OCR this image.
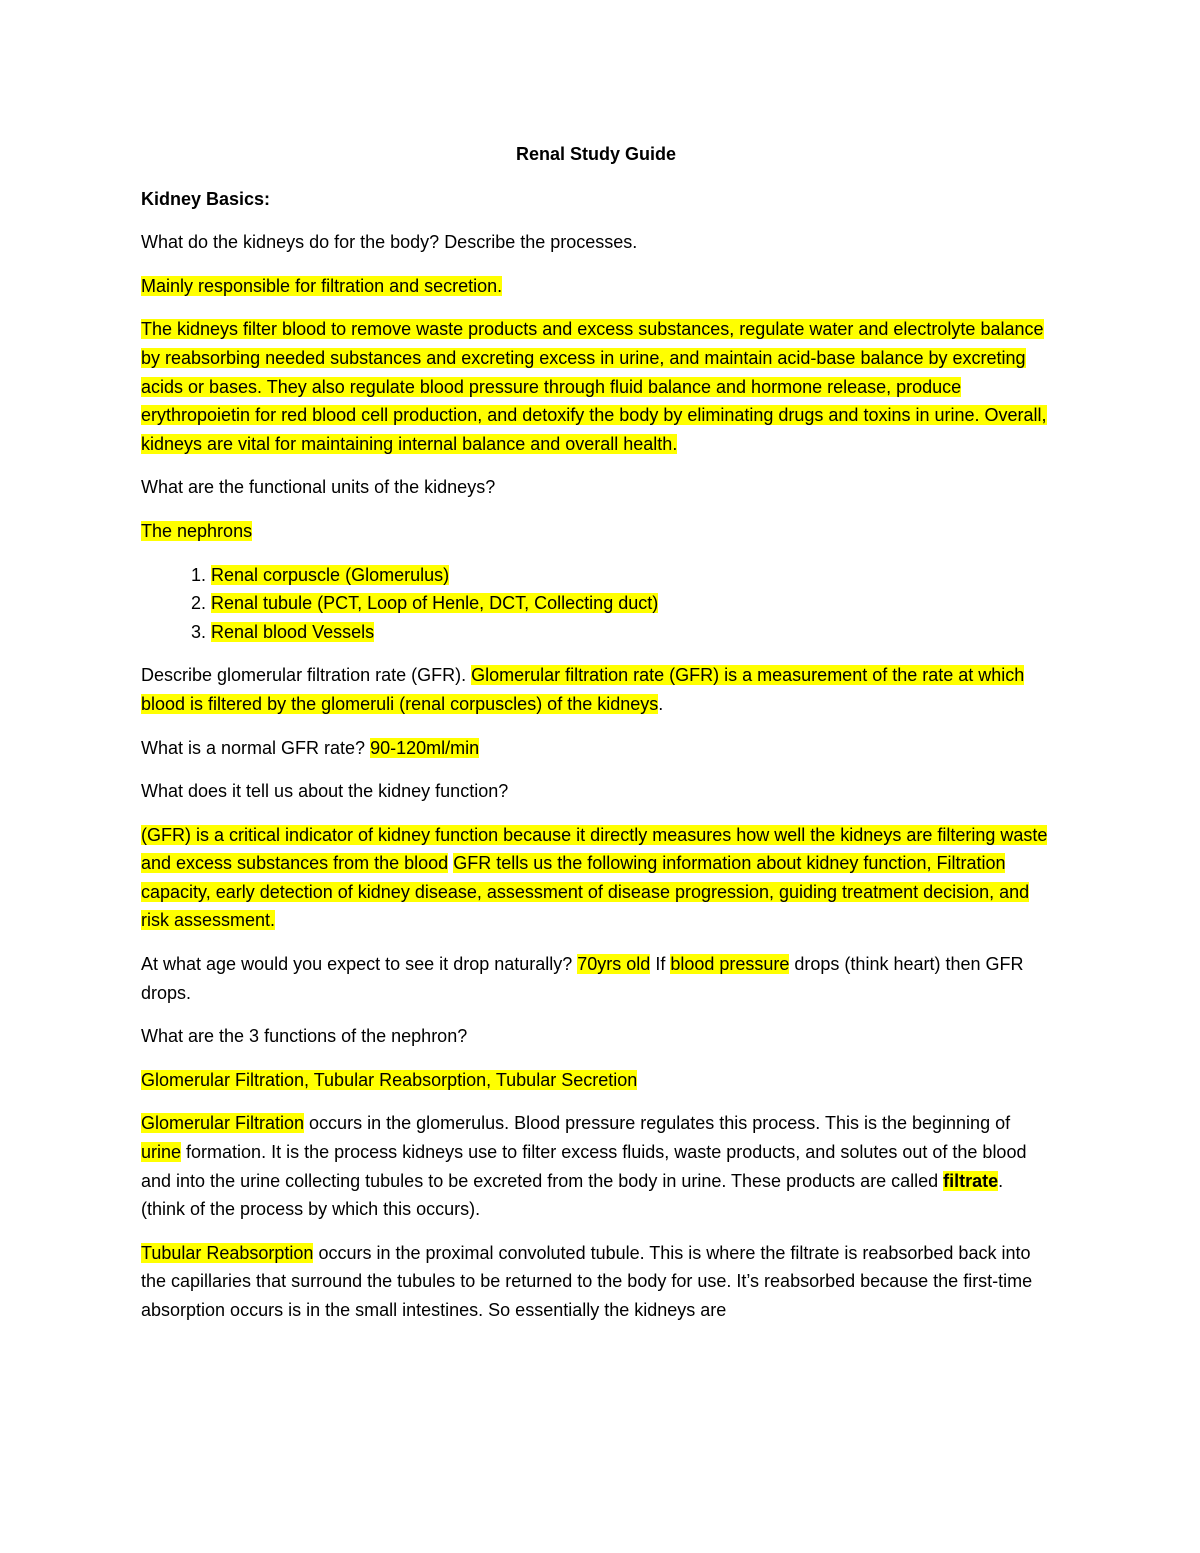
Renal Study Guide

Kidney Basics:

What do the kidneys do for the body? Describe the processes.

Mainly responsible for filtration and secretion.

The kidneys filter blood to remove waste products and excess substances, regulate water and electrolyte balance by reabsorbing needed substances and excreting excess in urine, and maintain acid-base balance by excreting acids or bases. They also regulate blood pressure through fluid balance and hormone release, produce erythropoietin for red blood cell production, and detoxify the body by eliminating drugs and toxins in urine. Overall, kidneys are vital for maintaining internal balance and overall health.

What are the functional units of the kidneys?

The nephrons

1. Renal corpuscle (Glomerulus)
2. Renal tubule (PCT, Loop of Henle, DCT, Collecting duct)
3. Renal blood Vessels

Describe glomerular filtration rate (GFR). Glomerular filtration rate (GFR) is a measurement of the rate at which blood is filtered by the glomeruli (renal corpuscles) of the kidneys.

What is a normal GFR rate? 90-120ml/min

What does it tell us about the kidney function?

(GFR) is a critical indicator of kidney function because it directly measures how well the kidneys are filtering waste and excess substances from the blood GFR tells us the following information about kidney function, Filtration capacity, early detection of kidney disease, assessment of disease progression, guiding treatment decision, and risk assessment.

At what age would you expect to see it drop naturally? 70yrs old If blood pressure drops (think heart) then GFR drops.

What are the 3 functions of the nephron?

Glomerular Filtration, Tubular Reabsorption, Tubular Secretion

Glomerular Filtration occurs in the glomerulus. Blood pressure regulates this process. This is the beginning of urine formation. It is the process kidneys use to filter excess fluids, waste products, and solutes out of the blood and into the urine collecting tubules to be excreted from the body in urine. These products are called filtrate. (think of the process by which this occurs).

Tubular Reabsorption occurs in the proximal convoluted tubule. This is where the filtrate is reabsorbed back into the capillaries that surround the tubules to be returned to the body for use. It’s reabsorbed because the first-time absorption occurs is in the small intestines. So essentially the kidneys are
